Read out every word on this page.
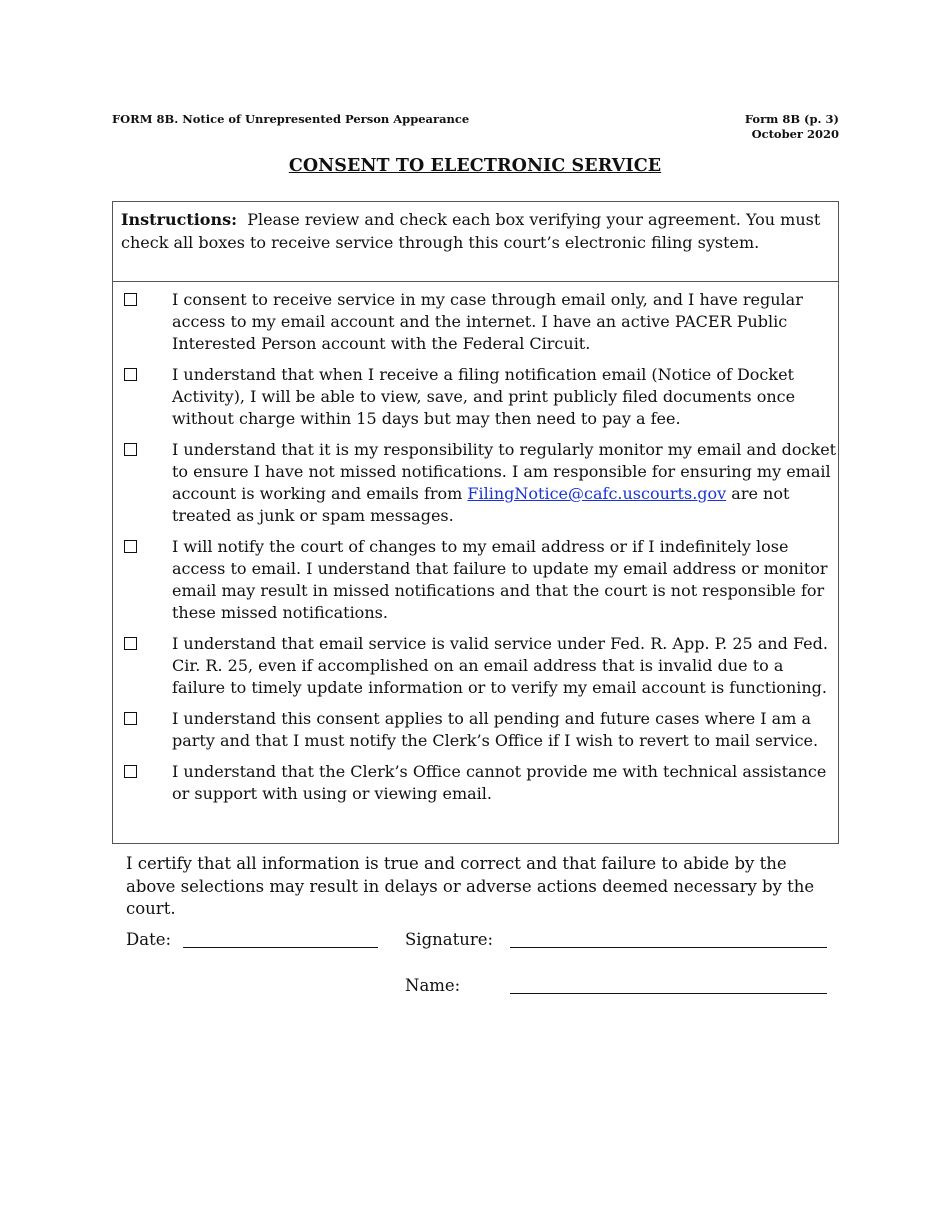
FORM 8B. Notice of Unrepresented Person Appearance	Form 8B (p. 3)
October 2020
CONSENT TO ELECTRONIC SERVICE
Instructions: Please review and check each box verifying your agreement. You must check all boxes to receive service through this court’s electronic filing system.
I consent to receive service in my case through email only, and I have regular access to my email account and the internet. I have an active PACER Public Interested Person account with the Federal Circuit.
I understand that when I receive a filing notification email (Notice of Docket Activity), I will be able to view, save, and print publicly filed documents once without charge within 15 days but may then need to pay a fee.
I understand that it is my responsibility to regularly monitor my email and docket to ensure I have not missed notifications. I am responsible for ensuring my email account is working and emails from FilingNotice@cafc.uscourts.gov are not treated as junk or spam messages.
I will notify the court of changes to my email address or if I indefinitely lose access to email. I understand that failure to update my email address or monitor email may result in missed notifications and that the court is not responsible for these missed notifications.
I understand that email service is valid service under Fed. R. App. P. 25 and Fed. Cir. R. 25, even if accomplished on an email address that is invalid due to a failure to timely update information or to verify my email account is functioning.
I understand this consent applies to all pending and future cases where I am a party and that I must notify the Clerk’s Office if I wish to revert to mail service.
I understand that the Clerk’s Office cannot provide me with technical assistance or support with using or viewing email.
I certify that all information is true and correct and that failure to abide by the above selections may result in delays or adverse actions deemed necessary by the court.
Date:	Signature:
Name:
